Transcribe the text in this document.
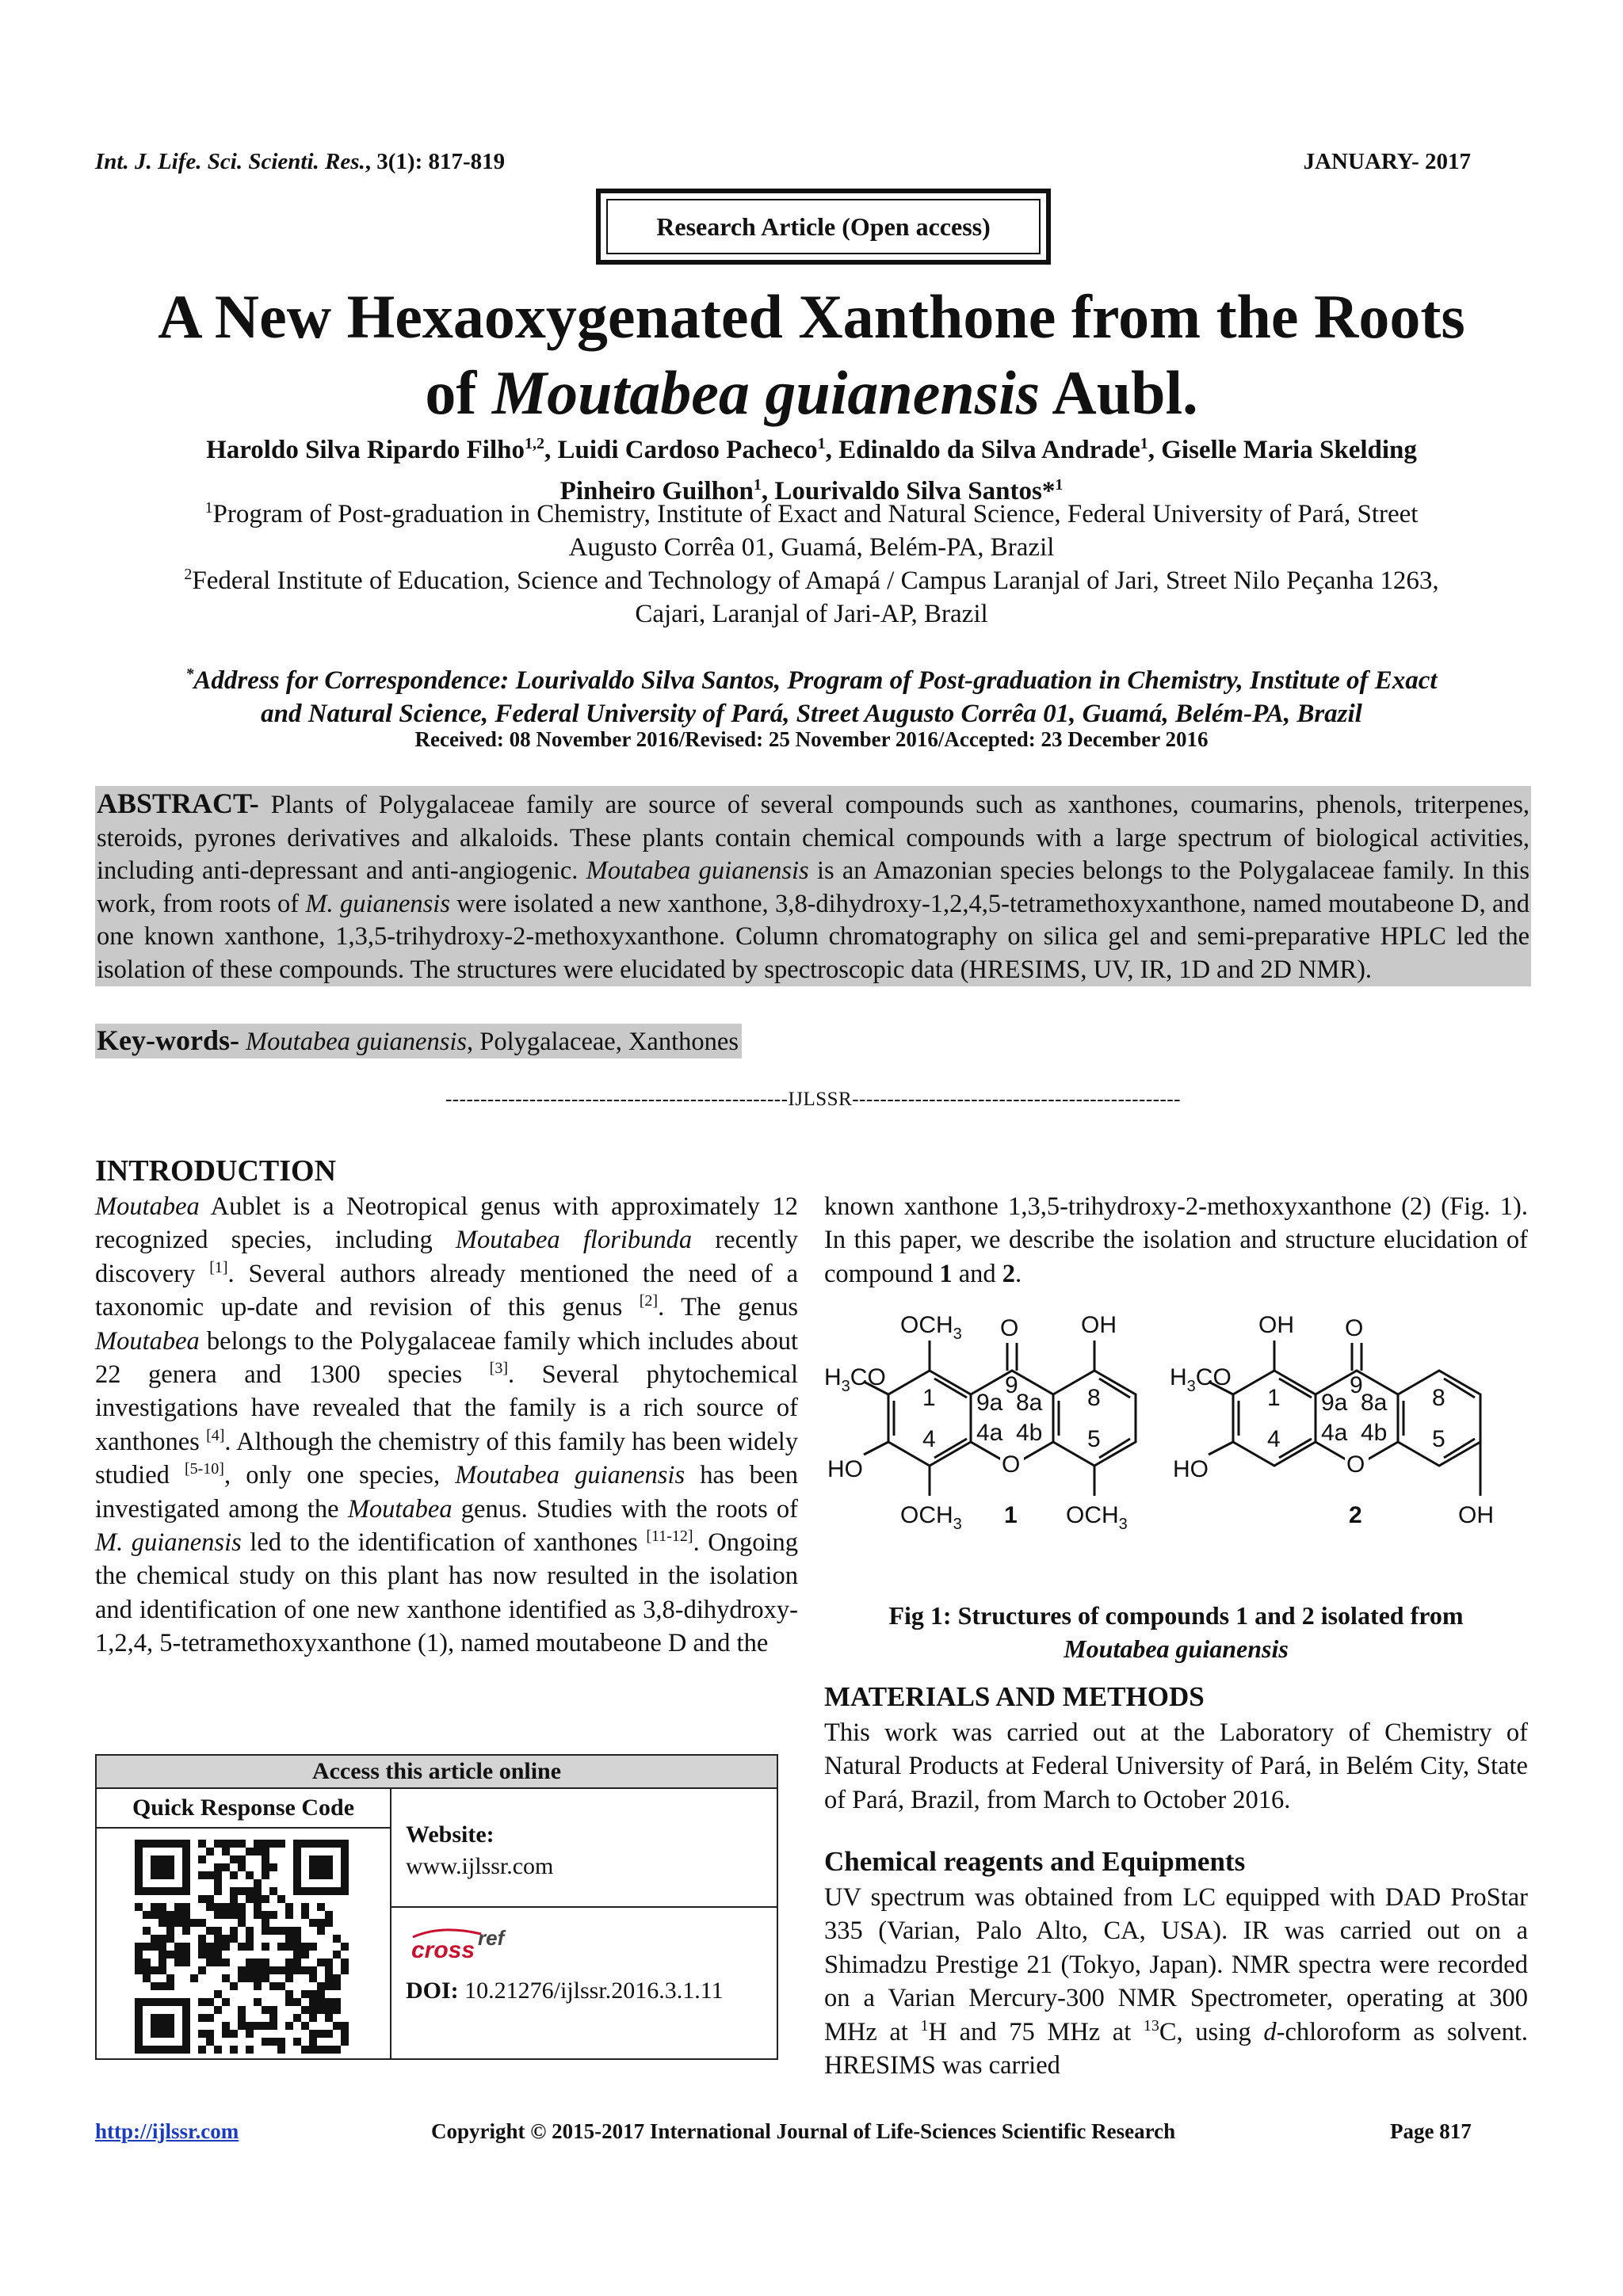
Int. J. Life. Sci. Scienti. Res., 3(1): 817-819	JANUARY- 2017
Research Article (Open access)
A New Hexaoxygenated Xanthone from the Roots
of Moutabea guianensis Aubl.
Haroldo Silva Ripardo Filho$^{1,2}$, Luidi Cardoso Pacheco$^1$, Edinaldo da Silva Andrade$^1$, Giselle Maria Skelding
Pinheiro Guilhon$^1$, Lourivaldo Silva Santos*$^1$
$^1$Program of Post-graduation in Chemistry, Institute of Exact and Natural Science, Federal University of Pará, Street
Augusto Corrêa 01, Guamá, Belém-PA, Brazil
$^2$Federal Institute of Education, Science and Technology of Amapá / Campus Laranjal of Jari, Street Nilo Peçanha 1263,
Cajari, Laranjal of Jari-AP, Brazil
*Address for Correspondence: Lourivaldo Silva Santos, Program of Post-graduation in Chemistry, Institute of Exact
and Natural Science, Federal University of Pará, Street Augusto Corrêa 01, Guamá, Belém-PA, Brazil
Received: 08 November 2016/Revised: 25 November 2016/Accepted: 23 December 2016
ABSTRACT- Plants of Polygalaceae family are source of several compounds such as xanthones, coumarins, phenols, triterpenes, steroids, pyrones derivatives and alkaloids. These plants contain chemical compounds with a large spectrum of biological activities, including anti-depressant and anti-angiogenic. Moutabea guianensis is an Amazonian species belongs to the Polygalaceae family. In this work, from roots of M. guianensis were isolated a new xanthone, 3,8-dihydroxy-1,2,4,5-tetramethoxyxanthone, named moutabeone D, and one known xanthone, 1,3,5-trihydroxy-2-methoxyxanthone. Column chromatography on silica gel and semi-preparative HPLC led the isolation of these compounds. The structures were elucidated by spectroscopic data (HRESIMS, UV, IR, 1D and 2D NMR).
Key-words- Moutabea guianensis, Polygalaceae, Xanthones
-------------------------------------------------IJLSSR-----------------------------------------------
INTRODUCTION
Moutabea Aublet is a Neotropical genus with approximately 12 recognized species, including Moutabea floribunda recently discovery [1]. Several authors already mentioned the need of a taxonomic up-date and revision of this genus [2]. The genus Moutabea belongs to the Polygalaceae family which includes about 22 genera and 1300 species [3]. Several phytochemical investigations have revealed that the family is a rich source of xanthones [4]. Although the chemistry of this family has been widely studied [5-10], only one species, Moutabea guianensis has been investigated among the Moutabea genus. Studies with the roots of M. guianensis led to the identification of xanthones [11-12]. Ongoing the chemical study on this plant has now resulted in the isolation and identification of one new xanthone identified as 3,8-dihydroxy-1,2,4, 5-tetramethoxyxanthone (1), named moutabeone D and the
Access this article online
Quick Response Code
Website:
www.ijlssr.com
cross ref
DOI: 10.21276/ijlssr.2016.3.1.11
known xanthone 1,3,5-trihydroxy-2-methoxyxanthone (2) (Fig. 1). In this paper, we describe the isolation and structure elucidation of compound 1 and 2.
O
O
$OCH_3$	OH
$H_3CO$
HO
$OCH_3$	$OCH_3$
1
4
9
9a 8a
4a 4b
8
5
1
O
O
OH
$H_3CO$
HO
OH
1
4
9
9a 8a
4a 4b
8
5
2
Fig 1: Structures of compounds 1 and 2 isolated from
Moutabea guianensis
MATERIALS AND METHODS
This work was carried out at the Laboratory of Chemistry of Natural Products at Federal University of Pará, in Belém City, State of Pará, Brazil, from March to October 2016.
Chemical reagents and Equipments
UV spectrum was obtained from LC equipped with DAD ProStar 335 (Varian, Palo Alto, CA, USA). IR was carried out on a Shimadzu Prestige 21 (Tokyo, Japan). NMR spectra were recorded on a Varian Mercury-300 NMR Spectrometer, operating at 300 MHz at $^1$H and 75 MHz at $^{13}$C, using d-chloroform as solvent. HRESIMS was carried
http://ijlssr.com	Copyright © 2015-2017 International Journal of Life-Sciences Scientific Research	Page 817
